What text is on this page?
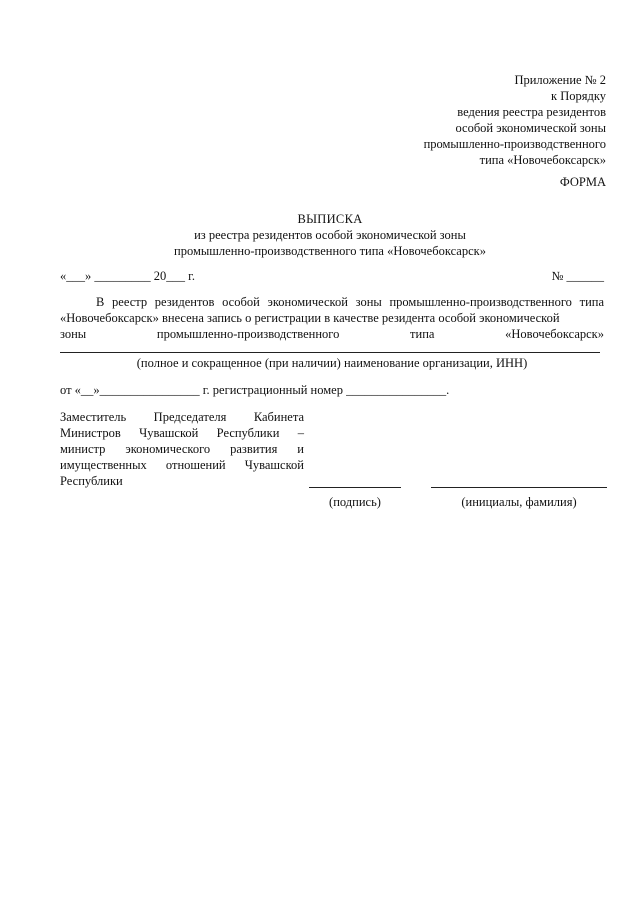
Приложение № 2
к Порядку
ведения реестра резидентов
особой экономической зоны
промышленно-производственного
типа «Новочебоксарск»
ФОРМА
ВЫПИСКА
из реестра резидентов особой экономической зоны
промышленно-производственного типа «Новочебоксарск»
«___» _________ 20___ г.	№ ______
В реестр резидентов особой экономической зоны промышленно-производственного типа «Новочебоксарск» внесена запись о регистрации в качестве резидента особой экономической
зоны промышленно-производственного типа «Новочебоксарск»
(полное и сокращенное (при наличии) наименование организации, ИНН)
от «__»________________ г. регистрационный номер ________________.
Заместитель Председателя Кабинета
Министров Чувашской Республики –
министр экономического развития и
имущественных отношений Чувашской
Республики
(подпись)	(инициалы, фамилия)
